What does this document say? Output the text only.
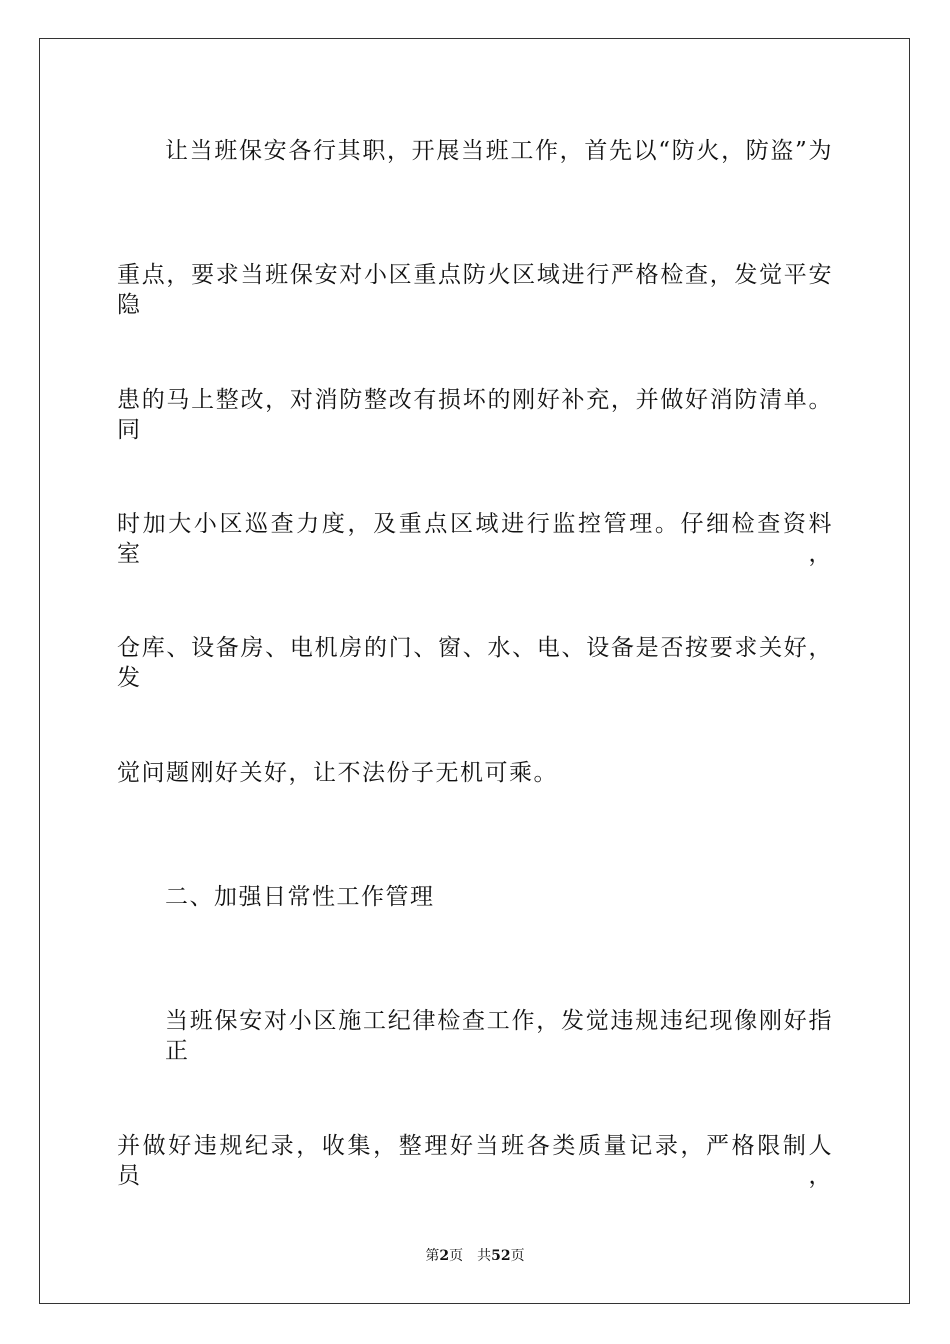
让当班保安各行其职，开展当班工作，首先以“防火，防盗”为
重点，要求当班保安对小区重点防火区域进行严格检查，发觉平安隐
患的马上整改，对消防整改有损坏的刚好补充，并做好消防清单。同
时加大小区巡查力度，及重点区域进行监控管理。仔细检查资料室，
仓库、设备房、电机房的门、窗、水、电、设备是否按要求关好，发
觉问题刚好关好，让不法份子无机可乘。
二、加强日常性工作管理
当班保安对小区施工纪律检查工作，发觉违规违纪现像刚好指正
并做好违规纪录，收集，整理好当班各类质量记录，严格限制人员，
第2页 共52页
